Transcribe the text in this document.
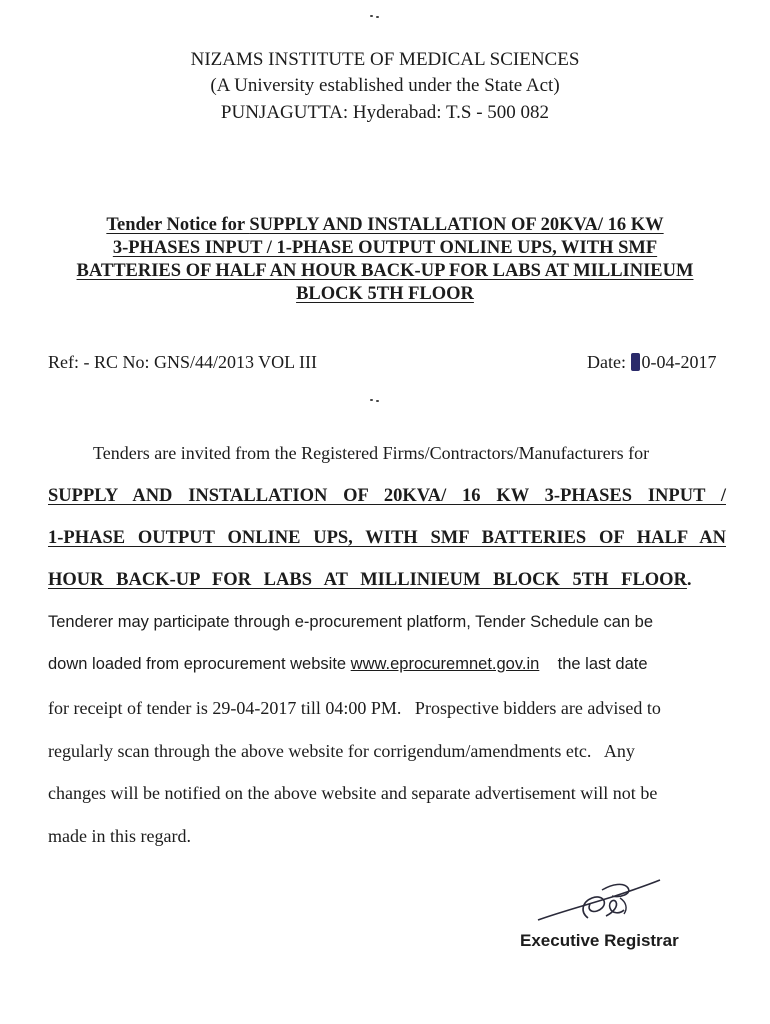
NIZAMS INSTITUTE OF MEDICAL SCIENCES
(A University established under the State Act)
PUNJAGUTTA: Hyderabad: T.S - 500 082
Tender Notice for SUPPLY AND INSTALLATION OF 20KVA/ 16 KW
3-PHASES INPUT / 1-PHASE OUTPUT ONLINE UPS, WITH SMF
BATTERIES OF HALF AN HOUR BACK-UP FOR LABS AT MILLINIEUM
BLOCK 5TH FLOOR
Ref: - RC No: GNS/44/2013 VOL III	Date: 0-04-2017
Tenders are invited from the Registered Firms/Contractors/Manufacturers for
SUPPLY AND INSTALLATION OF 20KVA/ 16 KW 3-PHASES INPUT /
1-PHASE OUTPUT ONLINE UPS, WITH SMF BATTERIES OF HALF AN
HOUR BACK-UP FOR LABS AT MILLINIEUM BLOCK 5TH FLOOR.
Tenderer may participate through e-procurement platform, Tender Schedule can be
down loaded from eprocurement website www.eprocuremnet.gov.in    the last date
for receipt of tender is 29-04-2017 till 04:00 PM.   Prospective bidders are advised to
regularly scan through the above website for corrigendum/amendments etc.   Any
changes will be notified on the above website and separate advertisement will not be
made in this regard.
Executive Registrar
